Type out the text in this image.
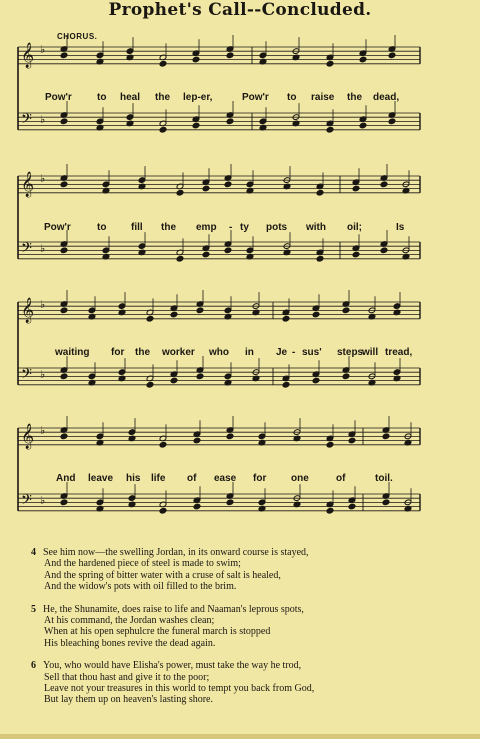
Prophet's Call--Concluded.
CHORUS.
𝄞 ♭
𝄢 ♭
𝄞 ♭
𝄢 ♭
𝄞 ♭
𝄢 ♭
𝄞 ♭
𝄢 ♭
Pow'r	to heal the lep-er,	Pow'r to raise the dead,
Pow'r	to fill the emp - ty pots with oil;	Is
waiting for the worker who in Je - sus' steps
will tread,
And leave his life of ease for one	of	toil.
4 See him now—the swelling Jordan, in its onward course is stayed,
And the hardened piece of steel is made to swim;
And the spring of bitter water with a cruse of salt is healed,
And the widow's pots with oil filled to the brim.
5 He, the Shunamite, does raise to life and Naaman's leprous spots,
At his command, the Jordan washes clean;
When at his open sephulcre the funeral march is stopped
His bleaching bones revive the dead again.
6 You, who would have Elisha's power, must take the way he trod,
Sell that thou hast and give it to the poor;
Leave not your treasures in this world to tempt you back from God,
But lay them up on heaven's lasting shore.
